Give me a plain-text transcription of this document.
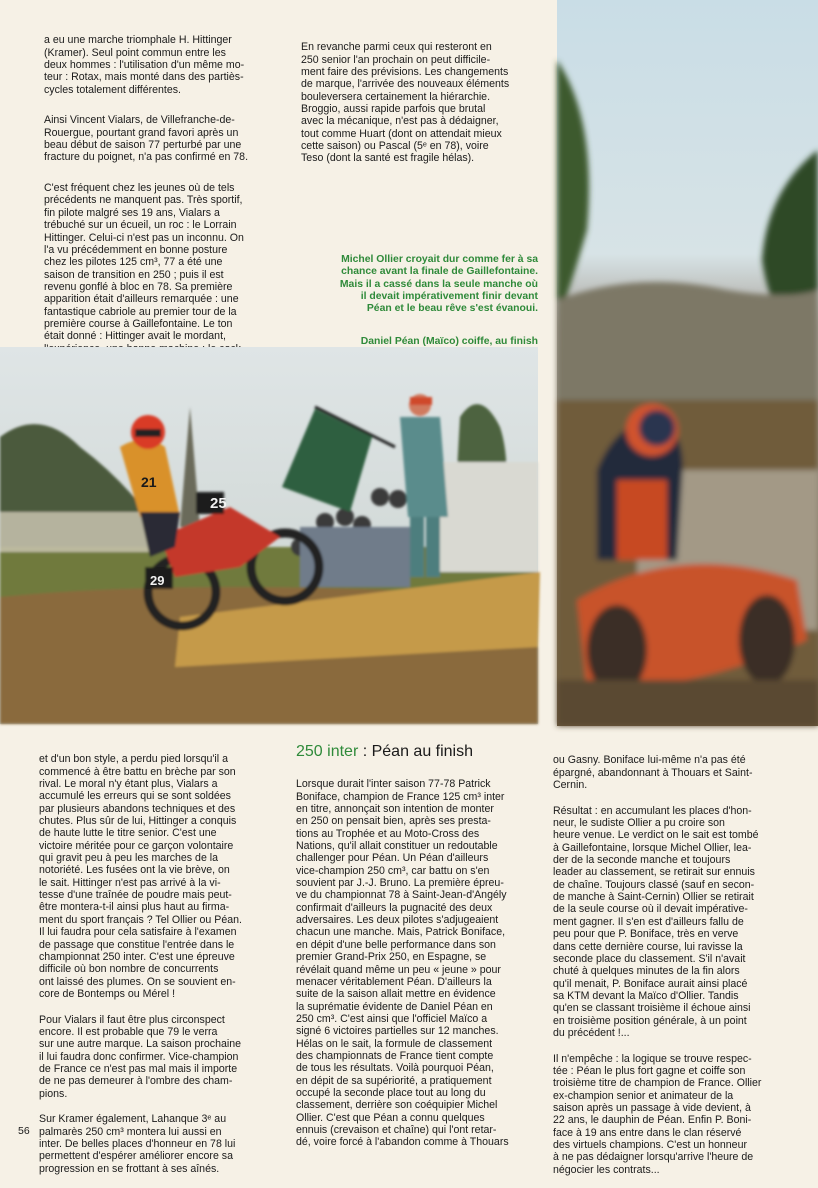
a eu une marche triomphale H. Hittinger
(Kramer). Seul point commun entre les
deux hommes : l'utilisation d'un même mo-
teur : Rotax, mais monté dans des partiès-
cycles totalement différentes.

Ainsi Vincent Vialars, de Villefranche-de-
Rouergue, pourtant grand favori après un
beau début de saison 77 perturbé par une
fracture du poignet, n'a pas confirmé en 78.

C'est fréquent chez les jeunes où de tels
précédents ne manquent pas. Très sportif,
fin pilote malgré ses 19 ans, Vialars a
trébuché sur un écueil, un roc : le Lorrain
Hittinger. Celui-ci n'est pas un inconnu. On
l'a vu précédemment en bonne posture
chez les pilotes 125 cm³, 77 a été une
saison de transition en 250 ; puis il est
revenu gonflé à bloc en 78. Sa première
apparition était d'ailleurs remarquée : une
fantastique cabriole au premier tour de la
première course à Gaillefontaine. Le ton
était donné : Hittinger avait le mordant,

En revanche parmi ceux qui resteront en
250 senior l'an prochain on peut difficile-
ment faire des prévisions. Les changements
de marque, l'arrivée des nouveaux éléments
bouleversera certainement la hiérarchie.
Broggio, aussi rapide parfois que brutal
avec la mécanique, n'est pas à dédaigner,
tout comme Huart (dont on attendait mieux
cette saison) ou Pascal (5ᵉ en 78), voire
Teso (dont la santé est fragile hélas).

Michel Ollier croyait dur comme fer à sa
chance avant la finale de Gaillefontaine.
Mais il a cassé dans la seule manche où
il devait impérativement finir devant
Péan et le beau rêve s'est évanoui.

Daniel Péan (Maïco) coiffe, au finish

25
29
21

et d'un bon style, a perdu pied lorsqu'il a
commencé à être battu en brèche par son
rival. Le moral n'y étant plus, Vialars a
accumulé les erreurs qui se sont soldées
par plusieurs abandons techniques et des
chutes. Plus sûr de lui, Hittinger a conquis
de haute lutte le titre senior. C'est une
victoire méritée pour ce garçon volontaire
qui gravit peu à peu les marches de la
notoriété. Les fusées ont la vie brève, on
le sait. Hittinger n'est pas arrivé à la vi-
tesse d'une traînée de poudre mais peut-
être montera-t-il ainsi plus haut au firma-
ment du sport français ? Tel Ollier ou Péan.
Il lui faudra pour cela satisfaire à l'examen
de passage que constitue l'entrée dans le
championnat 250 inter. C'est une épreuve
difficile où bon nombre de concurrents
ont laissé des plumes. On se souvient en-
core de Bontemps ou Mérel !

Pour Vialars il faut être plus circonspect
encore. Il est probable que 79 le verra
sur une autre marque. La saison prochaine
il lui faudra donc confirmer. Vice-champion
de France ce n'est pas mal mais il importe
de ne pas demeurer à l'ombre des cham-
pions.

Sur Kramer également, Lahanque 3ᵉ au
palmarès 250 cm³ montera lui aussi en
inter. De belles places d'honneur en 78 lui
permettent d'espérer améliorer encore sa
progression en se frottant à ses aînés.

250 inter : Péan au finish

Lorsque durait l'inter saison 77-78 Patrick
Boniface, champion de France 125 cm³ inter
en titre, annonçait son intention de monter
en 250 on pensait bien, après ses presta-
tions au Trophée et au Moto-Cross des
Nations, qu'il allait constituer un redoutable
challenger pour Péan. Un Péan d'ailleurs
vice-champion 250 cm³, car battu on s'en
souvient par J.-J. Bruno. La première épreu-
ve du championnat 78 à Saint-Jean-d'Angély
confirmait d'ailleurs la pugnacité des deux
adversaires. Les deux pilotes s'adjugeaient
chacun une manche. Mais, Patrick Boniface,
en dépit d'une belle performance dans son
premier Grand-Prix 250, en Espagne, se
révélait quand même un peu « jeune » pour
menacer véritablement Péan. D'ailleurs la
suite de la saison allait mettre en évidence
la suprématie évidente de Daniel Péan en
250 cm³. C'est ainsi que l'officiel Maïco a
signé 6 victoires partielles sur 12 manches.
Hélas on le sait, la formule de classement
des championnats de France tient compte
de tous les résultats. Voilà pourquoi Péan,
en dépit de sa supériorité, a pratiquement
occupé la seconde place tout au long du
classement, derrière son coéquipier Michel
Ollier. C'est que Péan a connu quelques
ennuis (crevaison et chaîne) qui l'ont retar-
dé, voire forcé à l'abandon comme à Thouars

ou Gasny. Boniface lui-même n'a pas été
épargné, abandonnant à Thouars et Saint-
Cernin.

Résultat : en accumulant les places d'hon-
neur, le sudiste Ollier a pu croire son
heure venue. Le verdict on le sait est tombé
à Gaillefontaine, lorsque Michel Ollier, lea-
der de la seconde manche et toujours
leader au classement, se retirait sur ennuis
de chaîne. Toujours classé (sauf en secon-
de manche à Saint-Cernin) Ollier se retirait
de la seule course où il devait impérative-
ment gagner. Il s'en est d'ailleurs fallu de
peu pour que P. Boniface, très en verve
dans cette dernière course, lui ravisse la
seconde place du classement. S'il n'avait
chuté à quelques minutes de la fin alors
qu'il menait, P. Boniface aurait ainsi placé
sa KTM devant la Maïco d'Ollier. Tandis
qu'en se classant troisième il échoue ainsi
en troisième position générale, à un point
du précédent !...

Il n'empêche : la logique se trouve respec-
tée : Péan le plus fort gagne et coiffe son
troisième titre de champion de France. Ollier
ex-champion senior et animateur de la
saison après un passage à vide devient, à
22 ans, le dauphin de Péan. Enfin P. Boni-
face à 19 ans entre dans le clan réservé
des virtuels champions. C'est un honneur
à ne pas dédaigner lorsqu'arrive l'heure de
négocier les contrats...

56
